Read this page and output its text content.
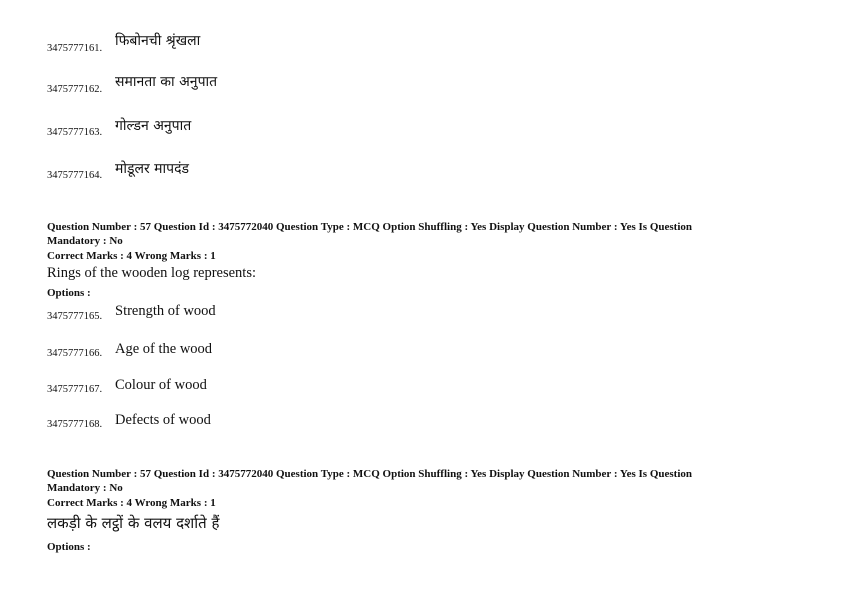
3475777161. फिबोनची श्रृंखला
3475777162. समानता का अनुपात
3475777163. गोल्डन अनुपात
3475777164. मोडूलर मापदंड
Question Number : 57 Question Id : 3475772040 Question Type : MCQ Option Shuffling : Yes Display Question Number : Yes Is Question
Mandatory : No
Correct Marks : 4 Wrong Marks : 1
Rings of the wooden log represents:
Options :
3475777165. Strength of wood
3475777166. Age of the wood
3475777167. Colour of wood
3475777168. Defects of wood
Question Number : 57 Question Id : 3475772040 Question Type : MCQ Option Shuffling : Yes Display Question Number : Yes Is Question
Mandatory : No
Correct Marks : 4 Wrong Marks : 1
लकड़ी के लट्ठों के वलय दर्शाते हैं
Options :
